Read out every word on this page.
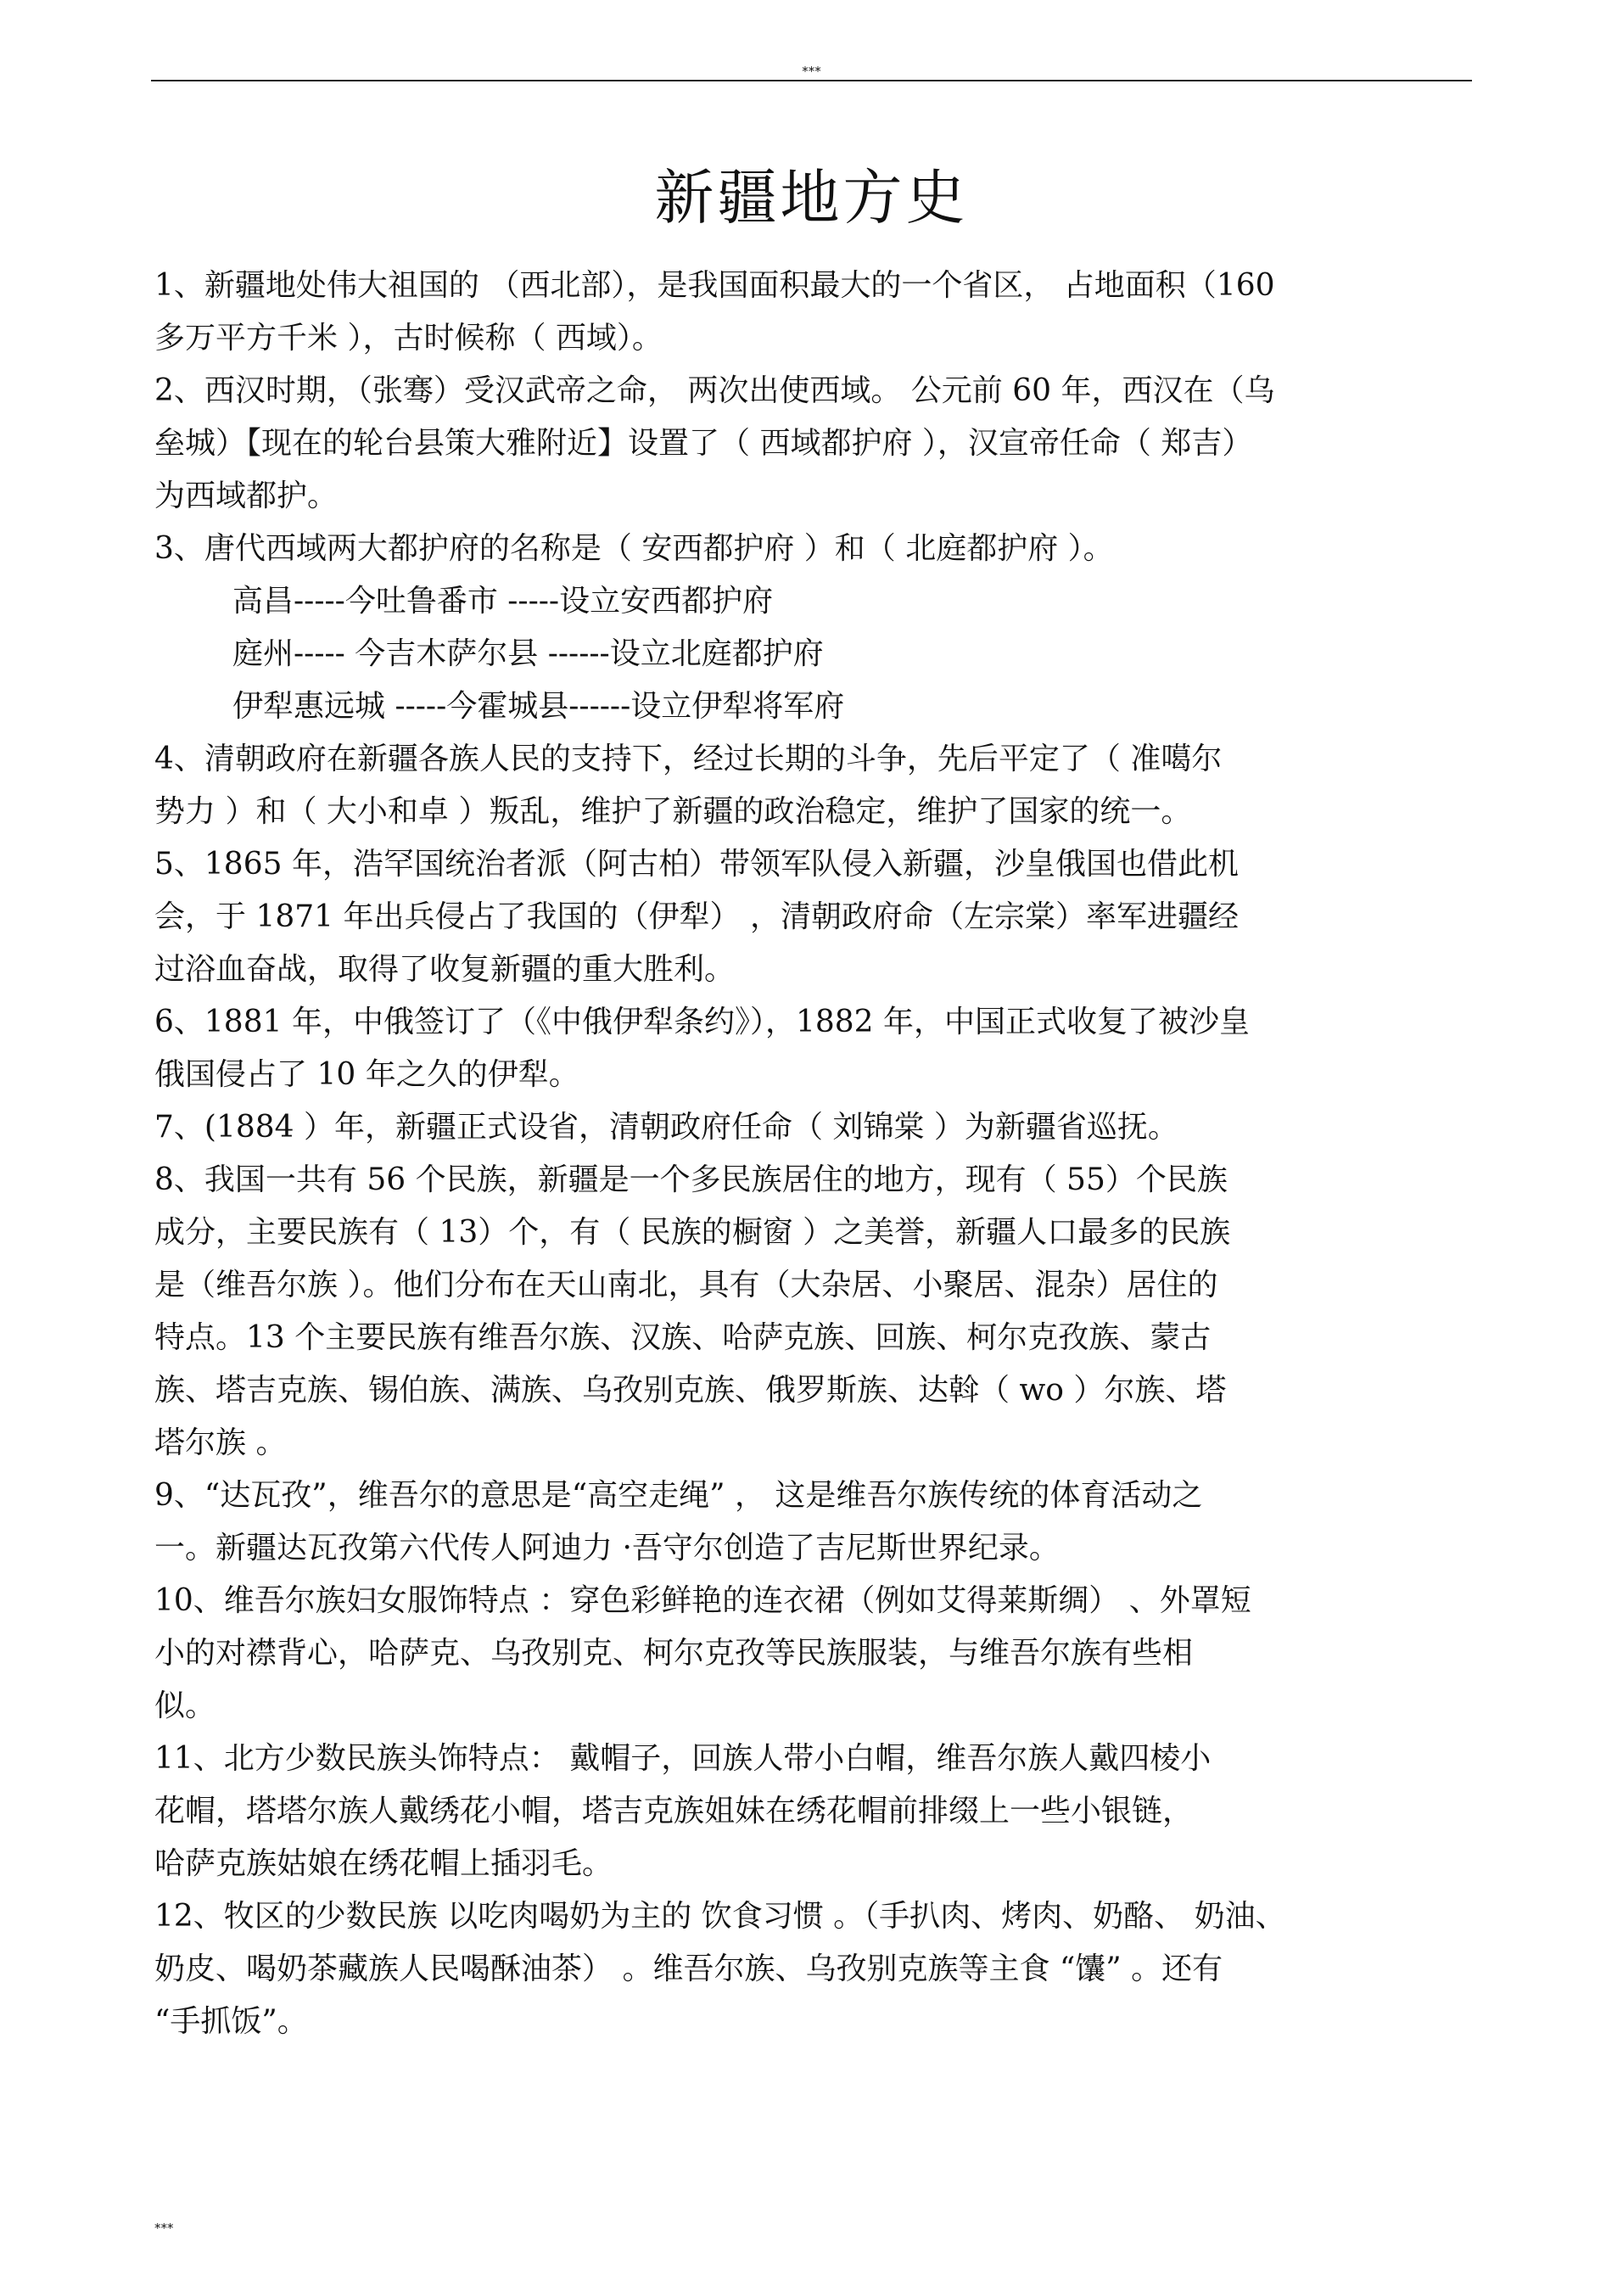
***
新疆地方史

1、新疆地处伟大祖国的 （西北部），是我国面积最大的一个省区， 占地面积（160
多万平方千米 ），古时候称（ 西域）。

2、西汉时期，（张骞）受汉武帝之命， 两次出使西域。 公元前 60 年，西汉在（乌
垒城）【现在的轮台县策大雅附近】设置了（ 西域都护府 ），汉宣帝任命（ 郑吉）
为西域都护。

3、唐代西域两大都护府的名称是（ 安西都护府 ）和（ 北庭都护府 ）。

高昌-----今吐鲁番市 -----设立安西都护府
庭州----- 今吉木萨尔县 ------设立北庭都护府
伊犁惠远城 -----今霍城县------设立伊犁将军府

4、清朝政府在新疆各族人民的支持下，经过长期的斗争，先后平定了（ 准噶尔
势力 ）和（ 大小和卓 ）叛乱，维护了新疆的政治稳定，维护了国家的统一。

5、1865 年，浩罕国统治者派（阿古柏）带领军队侵入新疆，沙皇俄国也借此机
会，于 1871 年出兵侵占了我国的（伊犁） ，清朝政府命（左宗棠）率军进疆经
过浴血奋战，取得了收复新疆的重大胜利。

6、1881 年，中俄签订了（《中俄伊犁条约》），1882 年，中国正式收复了被沙皇
俄国侵占了 10 年之久的伊犁。

7、(1884 ）年，新疆正式设省，清朝政府任命（ 刘锦棠 ）为新疆省巡抚。

8、我国一共有 56 个民族，新疆是一个多民族居住的地方，现有（ 55）个民族
成分，主要民族有（ 13）个，有（ 民族的橱窗 ）之美誉，新疆人口最多的民族
是（维吾尔族 ）。他们分布在天山南北，具有（大杂居、小聚居、混杂）居住的
特点。13 个主要民族有维吾尔族、汉族、哈萨克族、回族、柯尔克孜族、蒙古
族、塔吉克族、锡伯族、满族、乌孜别克族、俄罗斯族、达斡（ wo ）尔族、塔
塔尔族 。

9、“达瓦孜”，维吾尔的意思是“高空走绳” ， 这是维吾尔族传统的体育活动之
一。新疆达瓦孜第六代传人阿迪力 ·吾守尔创造了吉尼斯世界纪录。

10、维吾尔族妇女服饰特点 ：穿色彩鲜艳的连衣裙（例如艾得莱斯绸） 、外罩短
小的对襟背心，哈萨克、乌孜别克、柯尔克孜等民族服装，与维吾尔族有些相
似。

11、北方少数民族头饰特点： 戴帽子，回族人带小白帽，维吾尔族人戴四棱小
花帽，塔塔尔族人戴绣花小帽，塔吉克族姐妹在绣花帽前排缀上一些小银链，
哈萨克族姑娘在绣花帽上插羽毛。

12、牧区的少数民族 以吃肉喝奶为主的 饮食习惯 。（手扒肉、烤肉、奶酪、 奶油、
奶皮、喝奶茶藏族人民喝酥油茶） 。维吾尔族、乌孜别克族等主食 “馕” 。还有
“手抓饭”。

***
